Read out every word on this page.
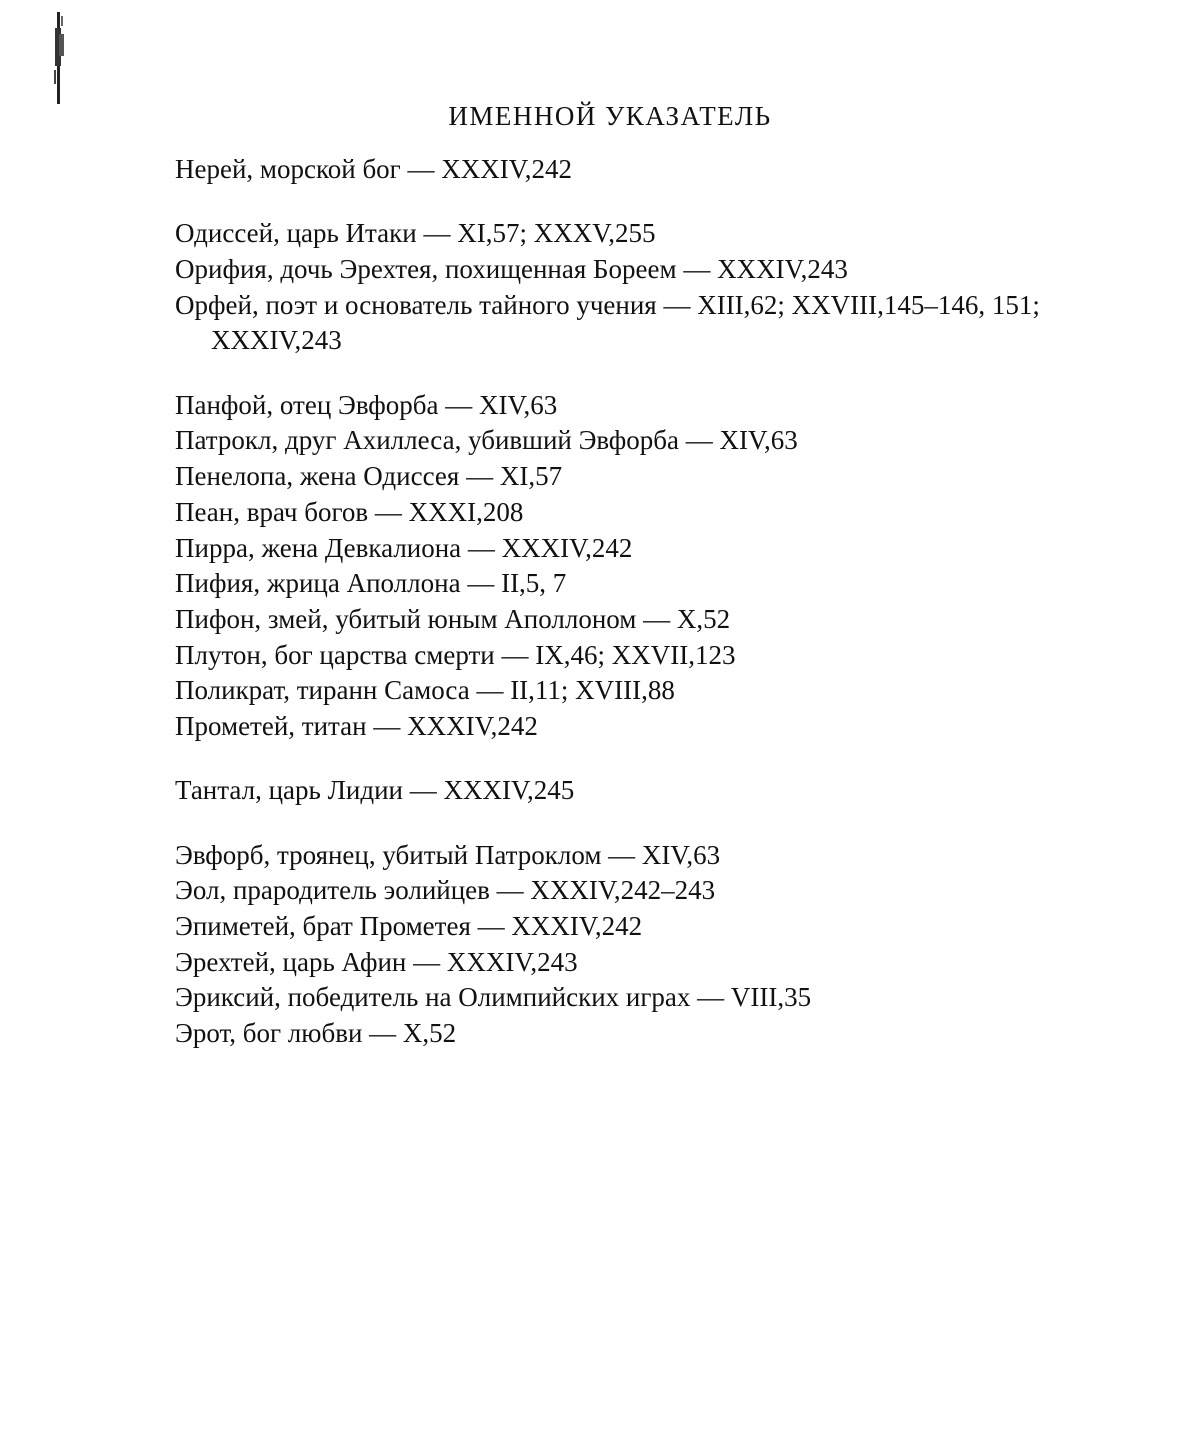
ИМЕННОЙ УКАЗАТЕЛЬ

Нерей, морской бог — XXXIV,242

Одиссей, царь Итаки — XI,57; XXXV,255

Орифия, дочь Эрехтея, похищенная Бореем — XXXIV,243

Орфей, поэт и основатель тайного учения — XIII,62; XXVIII,145–146, 151; XXXIV,243

Панфой, отец Эвфорба — XIV,63

Патрокл, друг Ахиллеса, убивший Эвфорба — XIV,63

Пенелопа, жена Одиссея — XI,57

Пеан, врач богов — XXXI,208

Пирра, жена Девкалиона — XXXIV,242

Пифия, жрица Аполлона — II,5, 7

Пифон, змей, убитый юным Аполлоном — X,52

Плутон, бог царства смерти — IX,46; XXVII,123

Поликрат, тиранн Самоса — II,11; XVIII,88

Прометей, титан — XXXIV,242

Тантал, царь Лидии — XXXIV,245

Эвфорб, троянец, убитый Патроклом — XIV,63

Эол, прародитель эолийцев — XXXIV,242–243

Эпиметей, брат Прометея — XXXIV,242

Эрехтей, царь Афин — XXXIV,243

Эриксий, победитель на Олимпийских играх — VIII,35

Эрот, бог любви — X,52
